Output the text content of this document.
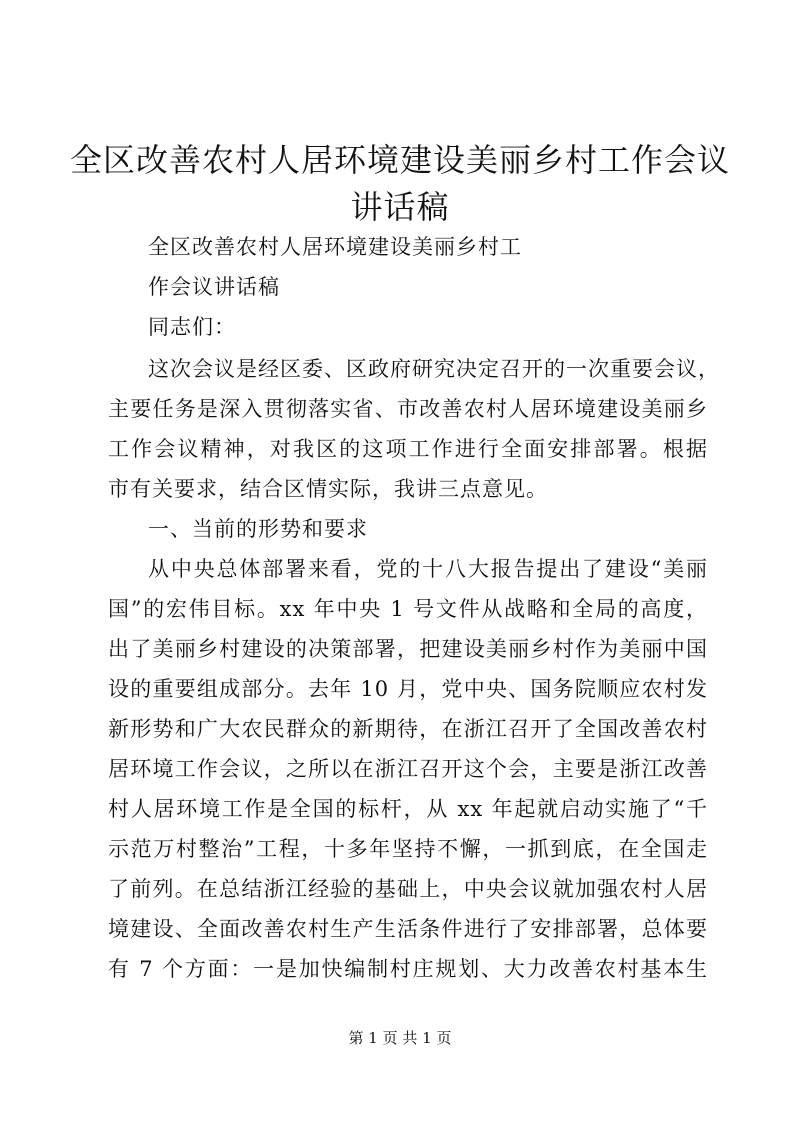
全区改善农村人居环境建设美丽乡村工作会议
讲话稿
全区改善农村人居环境建设美丽乡村工
作会议讲话稿
同志们：
这次会议是经区委、区政府研究决定召开的一次重要会议，
主要任务是深入贯彻落实省、市改善农村人居环境建设美丽乡
工作会议精神，对我区的这项工作进行全面安排部署。根据
市有关要求，结合区情实际，我讲三点意见。
一、当前的形势和要求
从中央总体部署来看，党的十八大报告提出了建设“美丽
国”的宏伟目标。xx 年中央 1 号文件从战略和全局的高度，
出了美丽乡村建设的决策部署，把建设美丽乡村作为美丽中国
设的重要组成部分。去年 10 月，党中央、国务院顺应农村发
新形势和广大农民群众的新期待，在浙江召开了全国改善农村
居环境工作会议，之所以在浙江召开这个会，主要是浙江改善
村人居环境工作是全国的标杆，从 xx 年起就启动实施了“千
示范万村整治”工程，十多年坚持不懈，一抓到底，在全国走
了前列。在总结浙江经验的基础上，中央会议就加强农村人居
境建设、全面改善农村生产生活条件进行了安排部署，总体要
有 7 个方面：一是加快编制村庄规划、大力改善农村基本生
第 1 页 共 1 页
